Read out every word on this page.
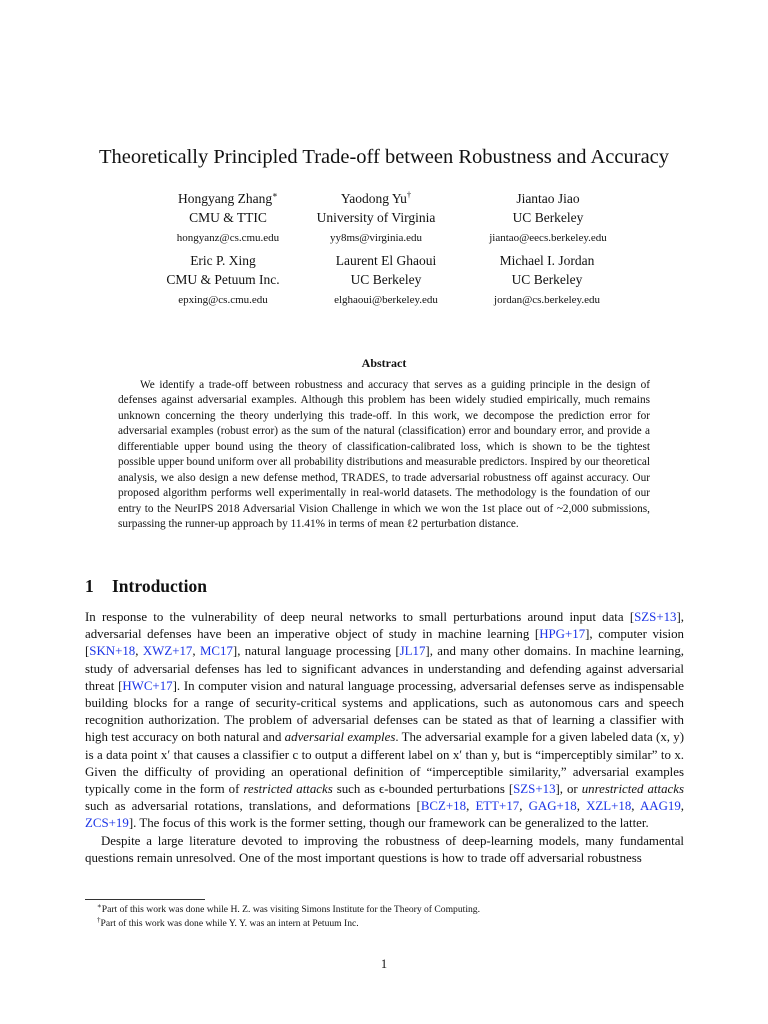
Theoretically Principled Trade-off between Robustness and Accuracy
Hongyang Zhang∗
CMU & TTIC
hongyanz@cs.cmu.edu
Yaodong Yu†
University of Virginia
yy8ms@virginia.edu
Jiantao Jiao
UC Berkeley
jiantao@eecs.berkeley.edu
Eric P. Xing
CMU & Petuum Inc.
epxing@cs.cmu.edu
Laurent El Ghaoui
UC Berkeley
elghaoui@berkeley.edu
Michael I. Jordan
UC Berkeley
jordan@cs.berkeley.edu
Abstract
We identify a trade-off between robustness and accuracy that serves as a guiding principle in the design of defenses against adversarial examples. Although this problem has been widely studied empirically, much remains unknown concerning the theory underlying this trade-off. In this work, we decompose the prediction error for adversarial examples (robust error) as the sum of the natural (classification) error and boundary error, and provide a differentiable upper bound using the theory of classification-calibrated loss, which is shown to be the tightest possible upper bound uniform over all probability distributions and measurable predictors. Inspired by our theoretical analysis, we also design a new defense method, TRADES, to trade adversarial robustness off against accuracy. Our proposed algorithm performs well experimentally in real-world datasets. The methodology is the foundation of our entry to the NeurIPS 2018 Adversarial Vision Challenge in which we won the 1st place out of ~2,000 submissions, surpassing the runner-up approach by 11.41% in terms of mean ℓ2 perturbation distance.
1 Introduction

In response to the vulnerability of deep neural networks to small perturbations around input data [SZS+13], adversarial defenses have been an imperative object of study in machine learning [HPG+17], computer vision [SKN+18, XWZ+17, MC17], natural language processing [JL17], and many other domains. In machine learning, study of adversarial defenses has led to significant advances in understanding and defending against adversarial threat [HWC+17]. In computer vision and natural language processing, adversarial defenses serve as indispensable building blocks for a range of security-critical systems and applications, such as autonomous cars and speech recognition authorization. The problem of adversarial defenses can be stated as that of learning a classifier with high test accuracy on both natural and adversarial examples. The adversarial example for a given labeled data (x, y) is a data point x′ that causes a classifier c to output a different label on x′ than y, but is “imperceptibly similar” to x. Given the difficulty of providing an operational definition of “imperceptible similarity,” adversarial examples typically come in the form of restricted attacks such as ϵ-bounded perturbations [SZS+13], or unrestricted attacks such as adversarial rotations, translations, and deformations [BCZ+18, ETT+17, GAG+18, XZL+18, AAG19, ZCS+19]. The focus of this work is the former setting, though our framework can be generalized to the latter.

Despite a large literature devoted to improving the robustness of deep-learning models, many fundamental questions remain unresolved. One of the most important questions is how to trade off adversarial robustness

∗Part of this work was done while H. Z. was visiting Simons Institute for the Theory of Computing.
†Part of this work was done while Y. Y. was an intern at Petuum Inc.
1
